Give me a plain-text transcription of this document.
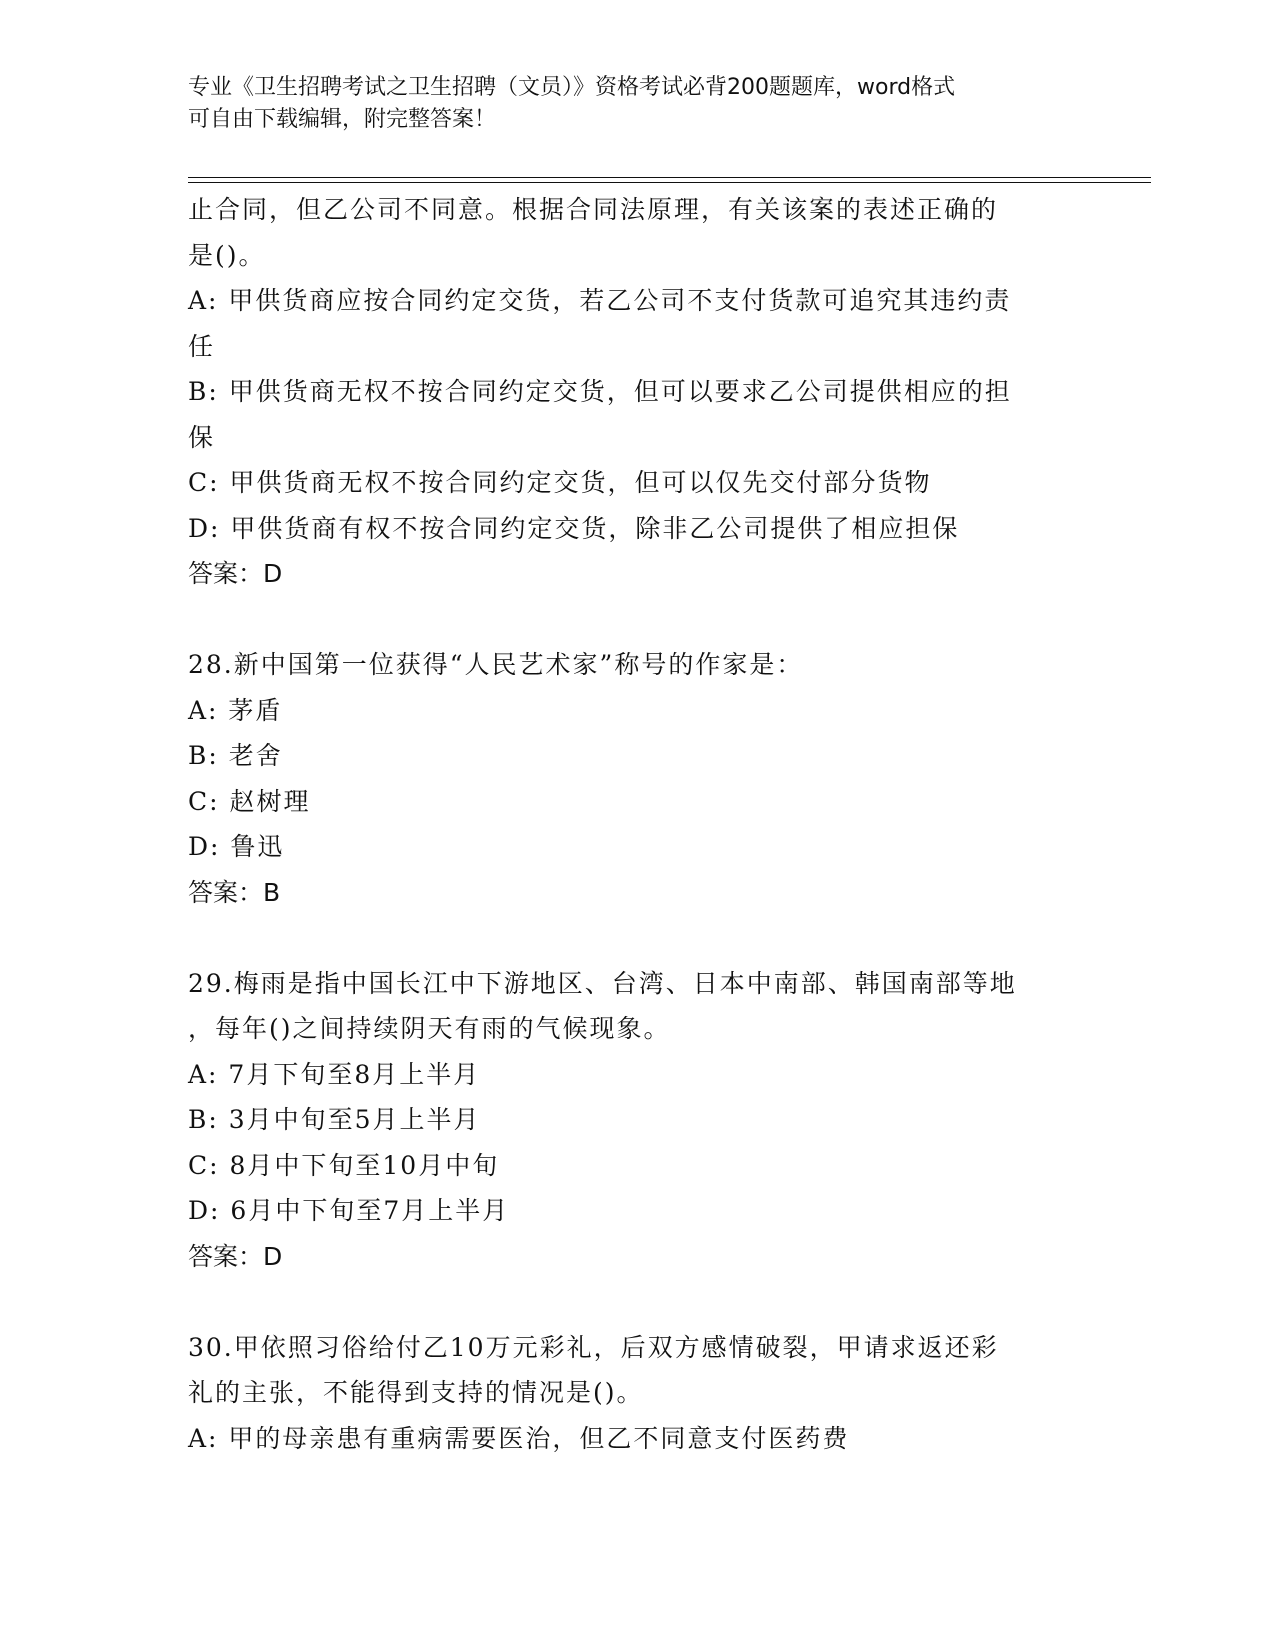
专业《卫生招聘考试之卫生招聘（文员）》资格考试必背200题题库，word格式
可自由下载编辑，附完整答案！
止合同，但乙公司不同意。根据合同法原理，有关该案的表述正确的
是()。
A: 甲供货商应按合同约定交货，若乙公司不支付货款可追究其违约责
任
B: 甲供货商无权不按合同约定交货，但可以要求乙公司提供相应的担
保
C: 甲供货商无权不按合同约定交货，但可以仅先交付部分货物
D: 甲供货商有权不按合同约定交货，除非乙公司提供了相应担保
答案：D
28.新中国第一位获得“人民艺术家”称号的作家是：
A: 茅盾
B: 老舍
C: 赵树理
D: 鲁迅
答案：B
29.梅雨是指中国长江中下游地区、台湾、日本中南部、韩国南部等地
，每年()之间持续阴天有雨的气候现象。
A: 7月下旬至8月上半月
B: 3月中旬至5月上半月
C: 8月中下旬至10月中旬
D: 6月中下旬至7月上半月
答案：D
30.甲依照习俗给付乙10万元彩礼，后双方感情破裂，甲请求返还彩
礼的主张，不能得到支持的情况是()。
A: 甲的母亲患有重病需要医治，但乙不同意支付医药费
